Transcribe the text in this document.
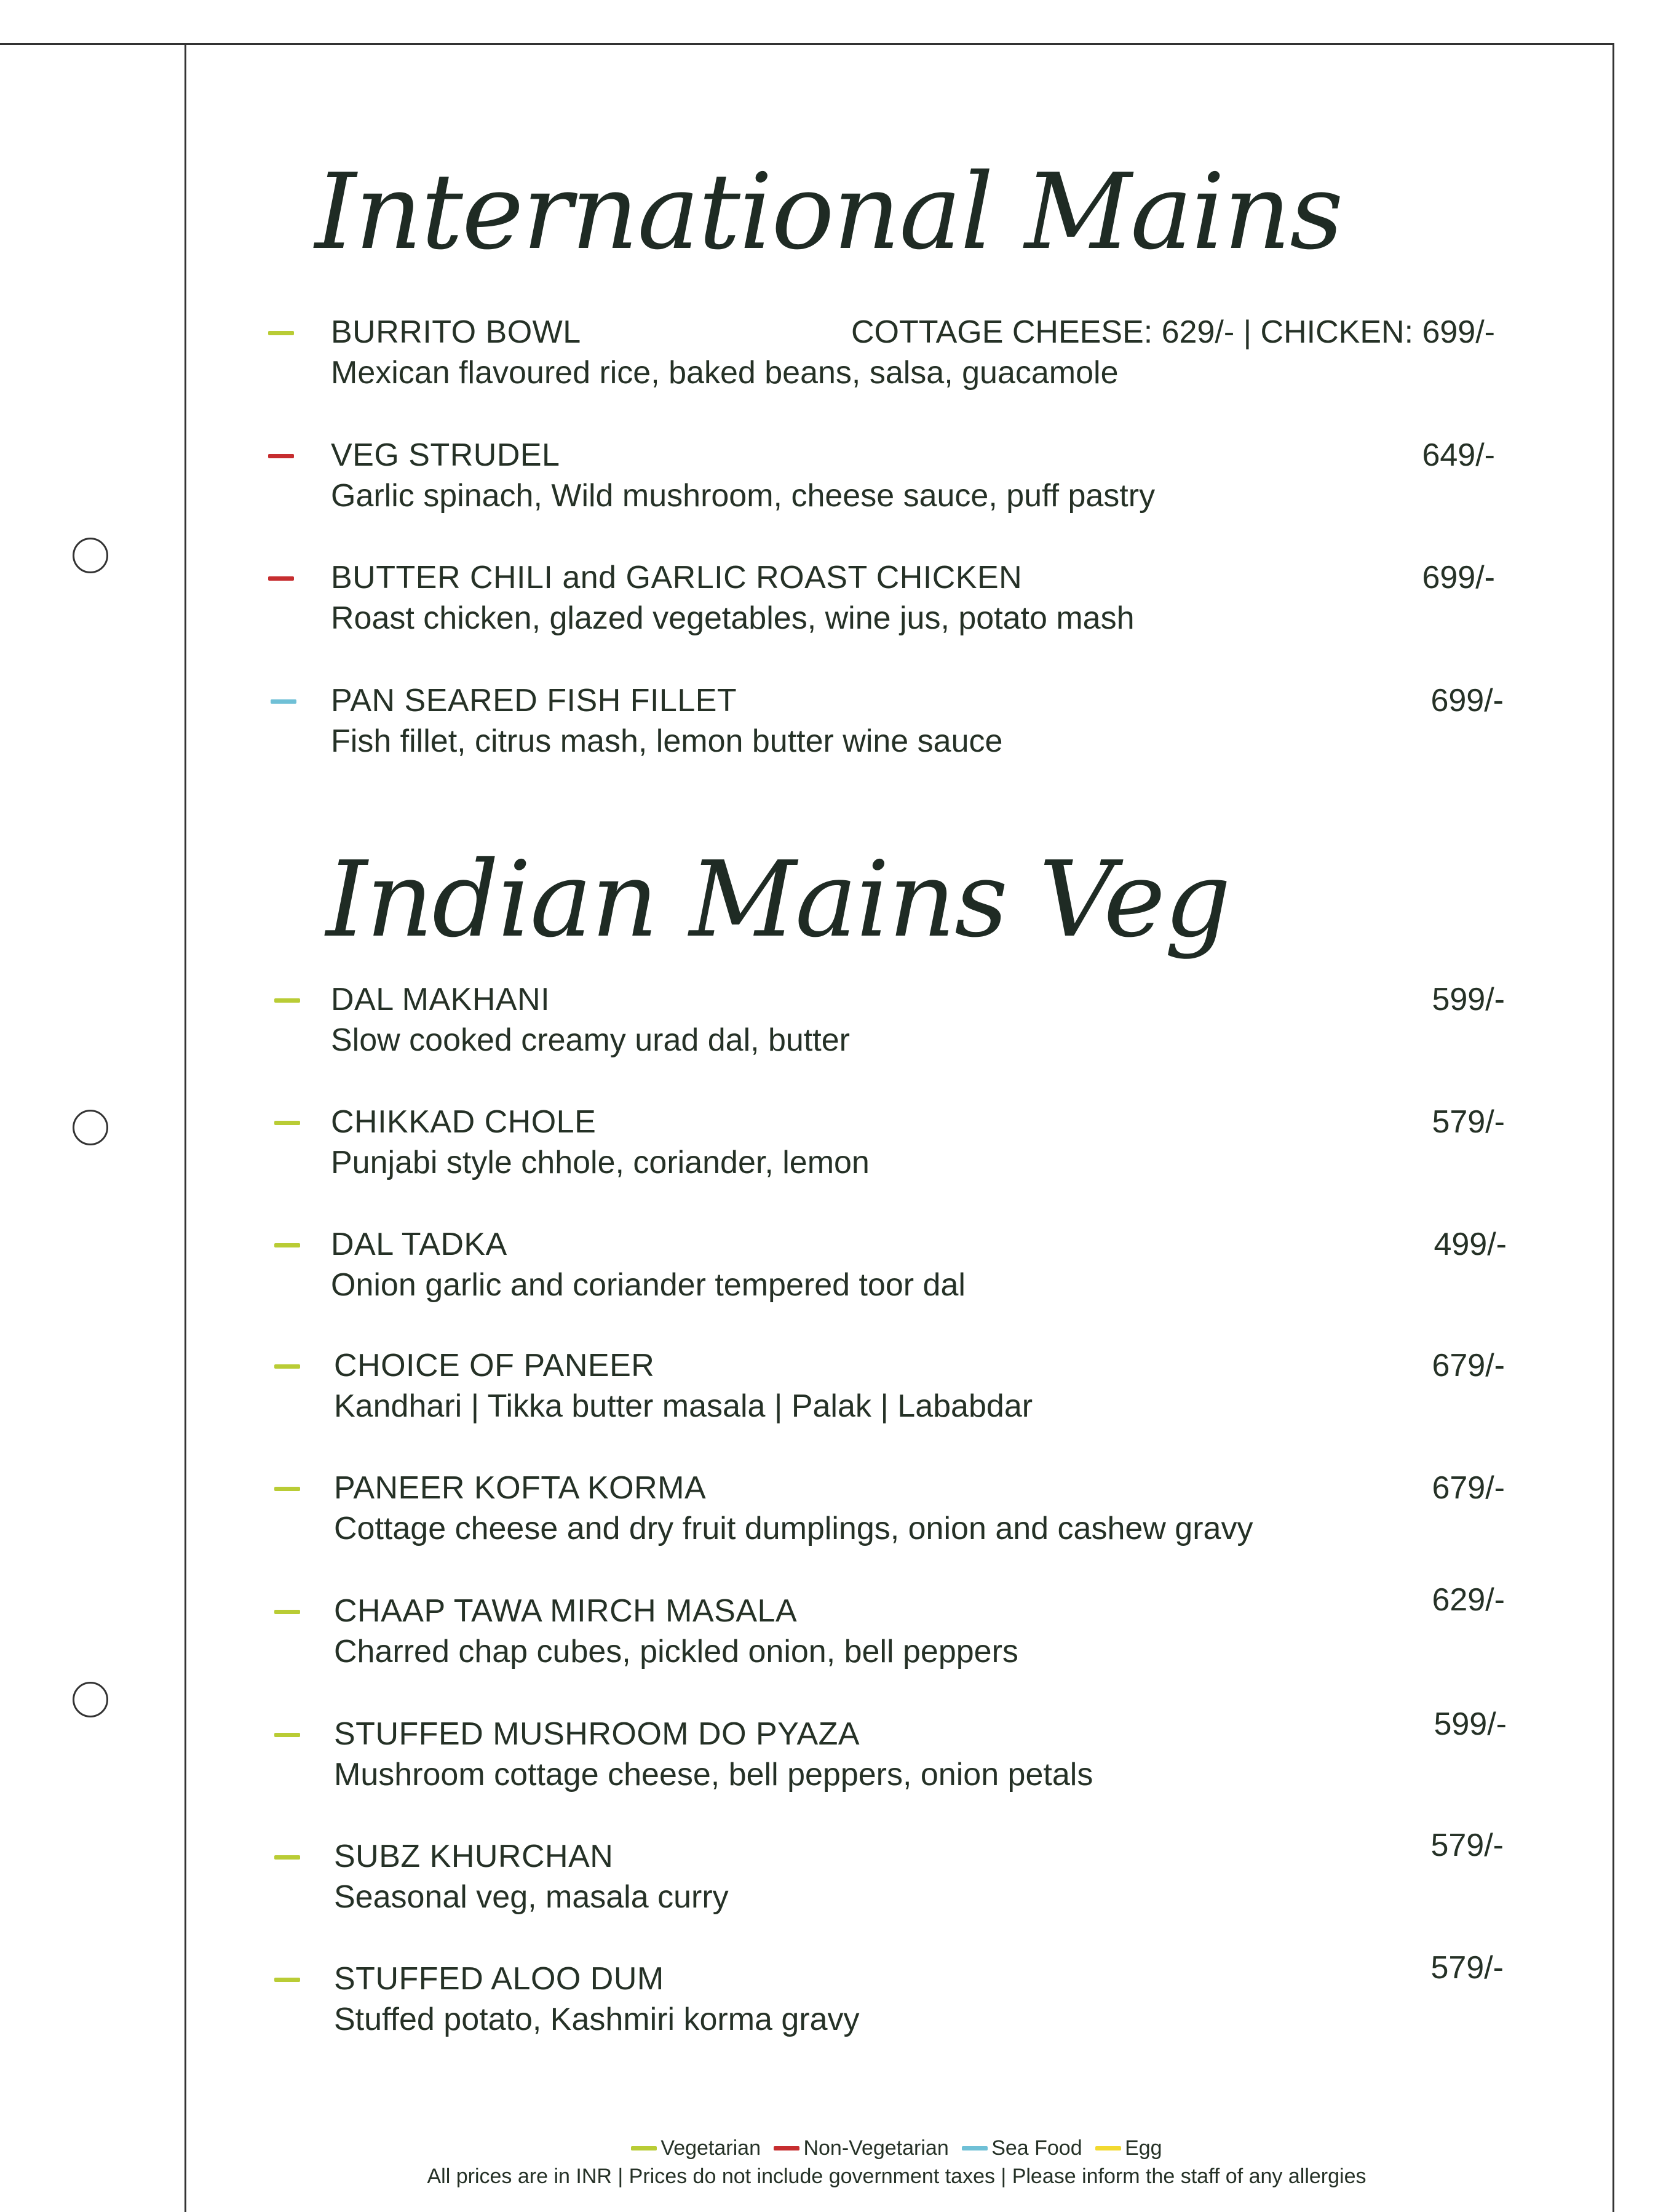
International Mains
BURRITO BOWL	COTTAGE CHEESE: 629/- | CHICKEN: 699/-
Mexican flavoured rice, baked beans, salsa, guacamole
VEG STRUDEL	649/-
Garlic spinach, Wild mushroom, cheese sauce, puff pastry
BUTTER CHILI and GARLIC ROAST CHICKEN	699/-
Roast chicken, glazed vegetables, wine jus, potato mash
PAN SEARED FISH FILLET	699/-
Fish fillet, citrus mash, lemon butter wine sauce
Indian Mains Veg
DAL MAKHANI	599/-
Slow cooked creamy urad dal, butter
CHIKKAD CHOLE	579/-
Punjabi style chhole, coriander, lemon
DAL TADKA	499/-
Onion garlic and coriander tempered toor dal
CHOICE OF PANEER	679/-
Kandhari | Tikka butter masala | Palak | Lababdar
PANEER KOFTA KORMA	679/-
Cottage cheese and dry fruit dumplings, onion and cashew gravy
CHAAP TAWA MIRCH MASALA	629/-
Charred chap cubes, pickled onion, bell peppers
STUFFED MUSHROOM DO PYAZA	599/-
Mushroom cottage cheese, bell peppers, onion petals
SUBZ KHURCHAN	579/-
Seasonal veg, masala curry
STUFFED ALOO DUM	579/-
Stuffed potato, Kashmiri korma gravy
Vegetarian Non-Vegetarian Sea Food Egg
All prices are in INR | Prices do not include government taxes | Please inform the staff of any allergies
